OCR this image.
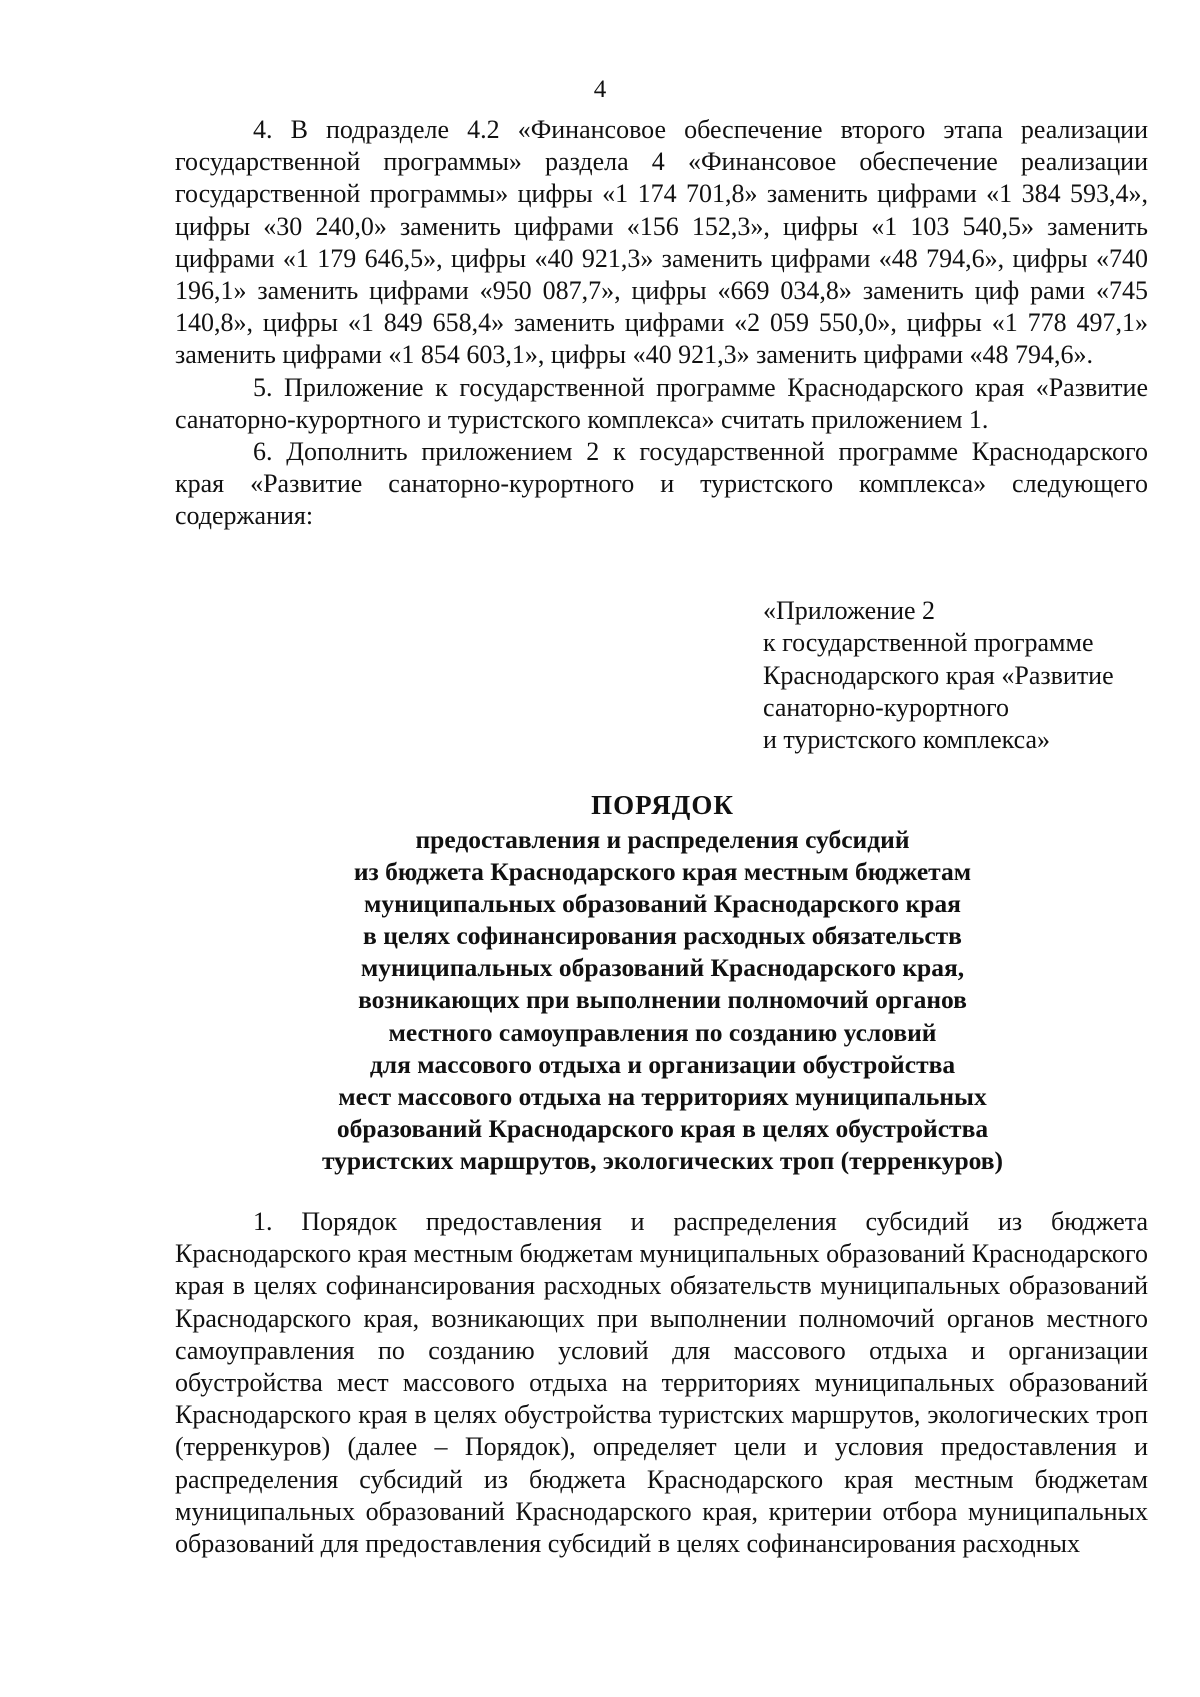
4

4. В подразделе 4.2 «Финансовое обеспечение второго этапа реализации государственной программы» раздела 4 «Финансовое обеспечение реализации государственной программы» цифры «1 174 701,8» заменить цифрами «1 384 593,4», цифры «30 240,0» заменить цифрами «156 152,3», цифры «1 103 540,5» заменить цифрами «1 179 646,5», цифры «40 921,3» заменить цифрами «48 794,6», цифры «740 196,1» заменить цифрами «950 087,7», цифры «669 034,8» заменить циф рами «745 140,8», цифры «1 849 658,4» заменить цифрами «2 059 550,0», цифры «1 778 497,1» заменить цифрами «1 854 603,1», цифры «40 921,3» заменить цифрами «48 794,6».

5. Приложение к государственной программе Краснодарского края «Развитие санаторно-курортного и туристского комплекса» считать приложением 1.

6. Дополнить приложением 2 к государственной программе Краснодарского края «Развитие санаторно-курортного и туристского комплекса» следующего содержания:

«Приложение 2
к государственной программе
Краснодарского края «Развитие
санаторно-курортного
и туристского комплекса»
ПОРЯДОК
предоставления и распределения субсидий
из бюджета Краснодарского края местным бюджетам
муниципальных образований Краснодарского края
в целях софинансирования расходных обязательств
муниципальных образований Краснодарского края,
возникающих при выполнении полномочий органов
местного самоуправления по созданию условий
для массового отдыха и организации обустройства
мест массового отдыха на территориях муниципальных
образований Краснодарского края в целях обустройства
туристских маршрутов, экологических троп (терренкуров)

1. Порядок предоставления и распределения субсидий из бюджета Краснодарского края местным бюджетам муниципальных образований Краснодарского края в целях софинансирования расходных обязательств муниципальных образований Краснодарского края, возникающих при выполнении полномочий органов местного самоуправления по созданию условий для массового отдыха и организации обустройства мест массового отдыха на территориях муниципальных образований Краснодарского края в целях обустройства туристских маршрутов, экологических троп (терренкуров) (далее – Порядок), определяет цели и условия предоставления и распределения субсидий из бюджета Краснодарского края местным бюджетам муниципальных образований Краснодарского края, критерии отбора муниципальных образований для предоставления субсидий в целях софинансирования расходных
